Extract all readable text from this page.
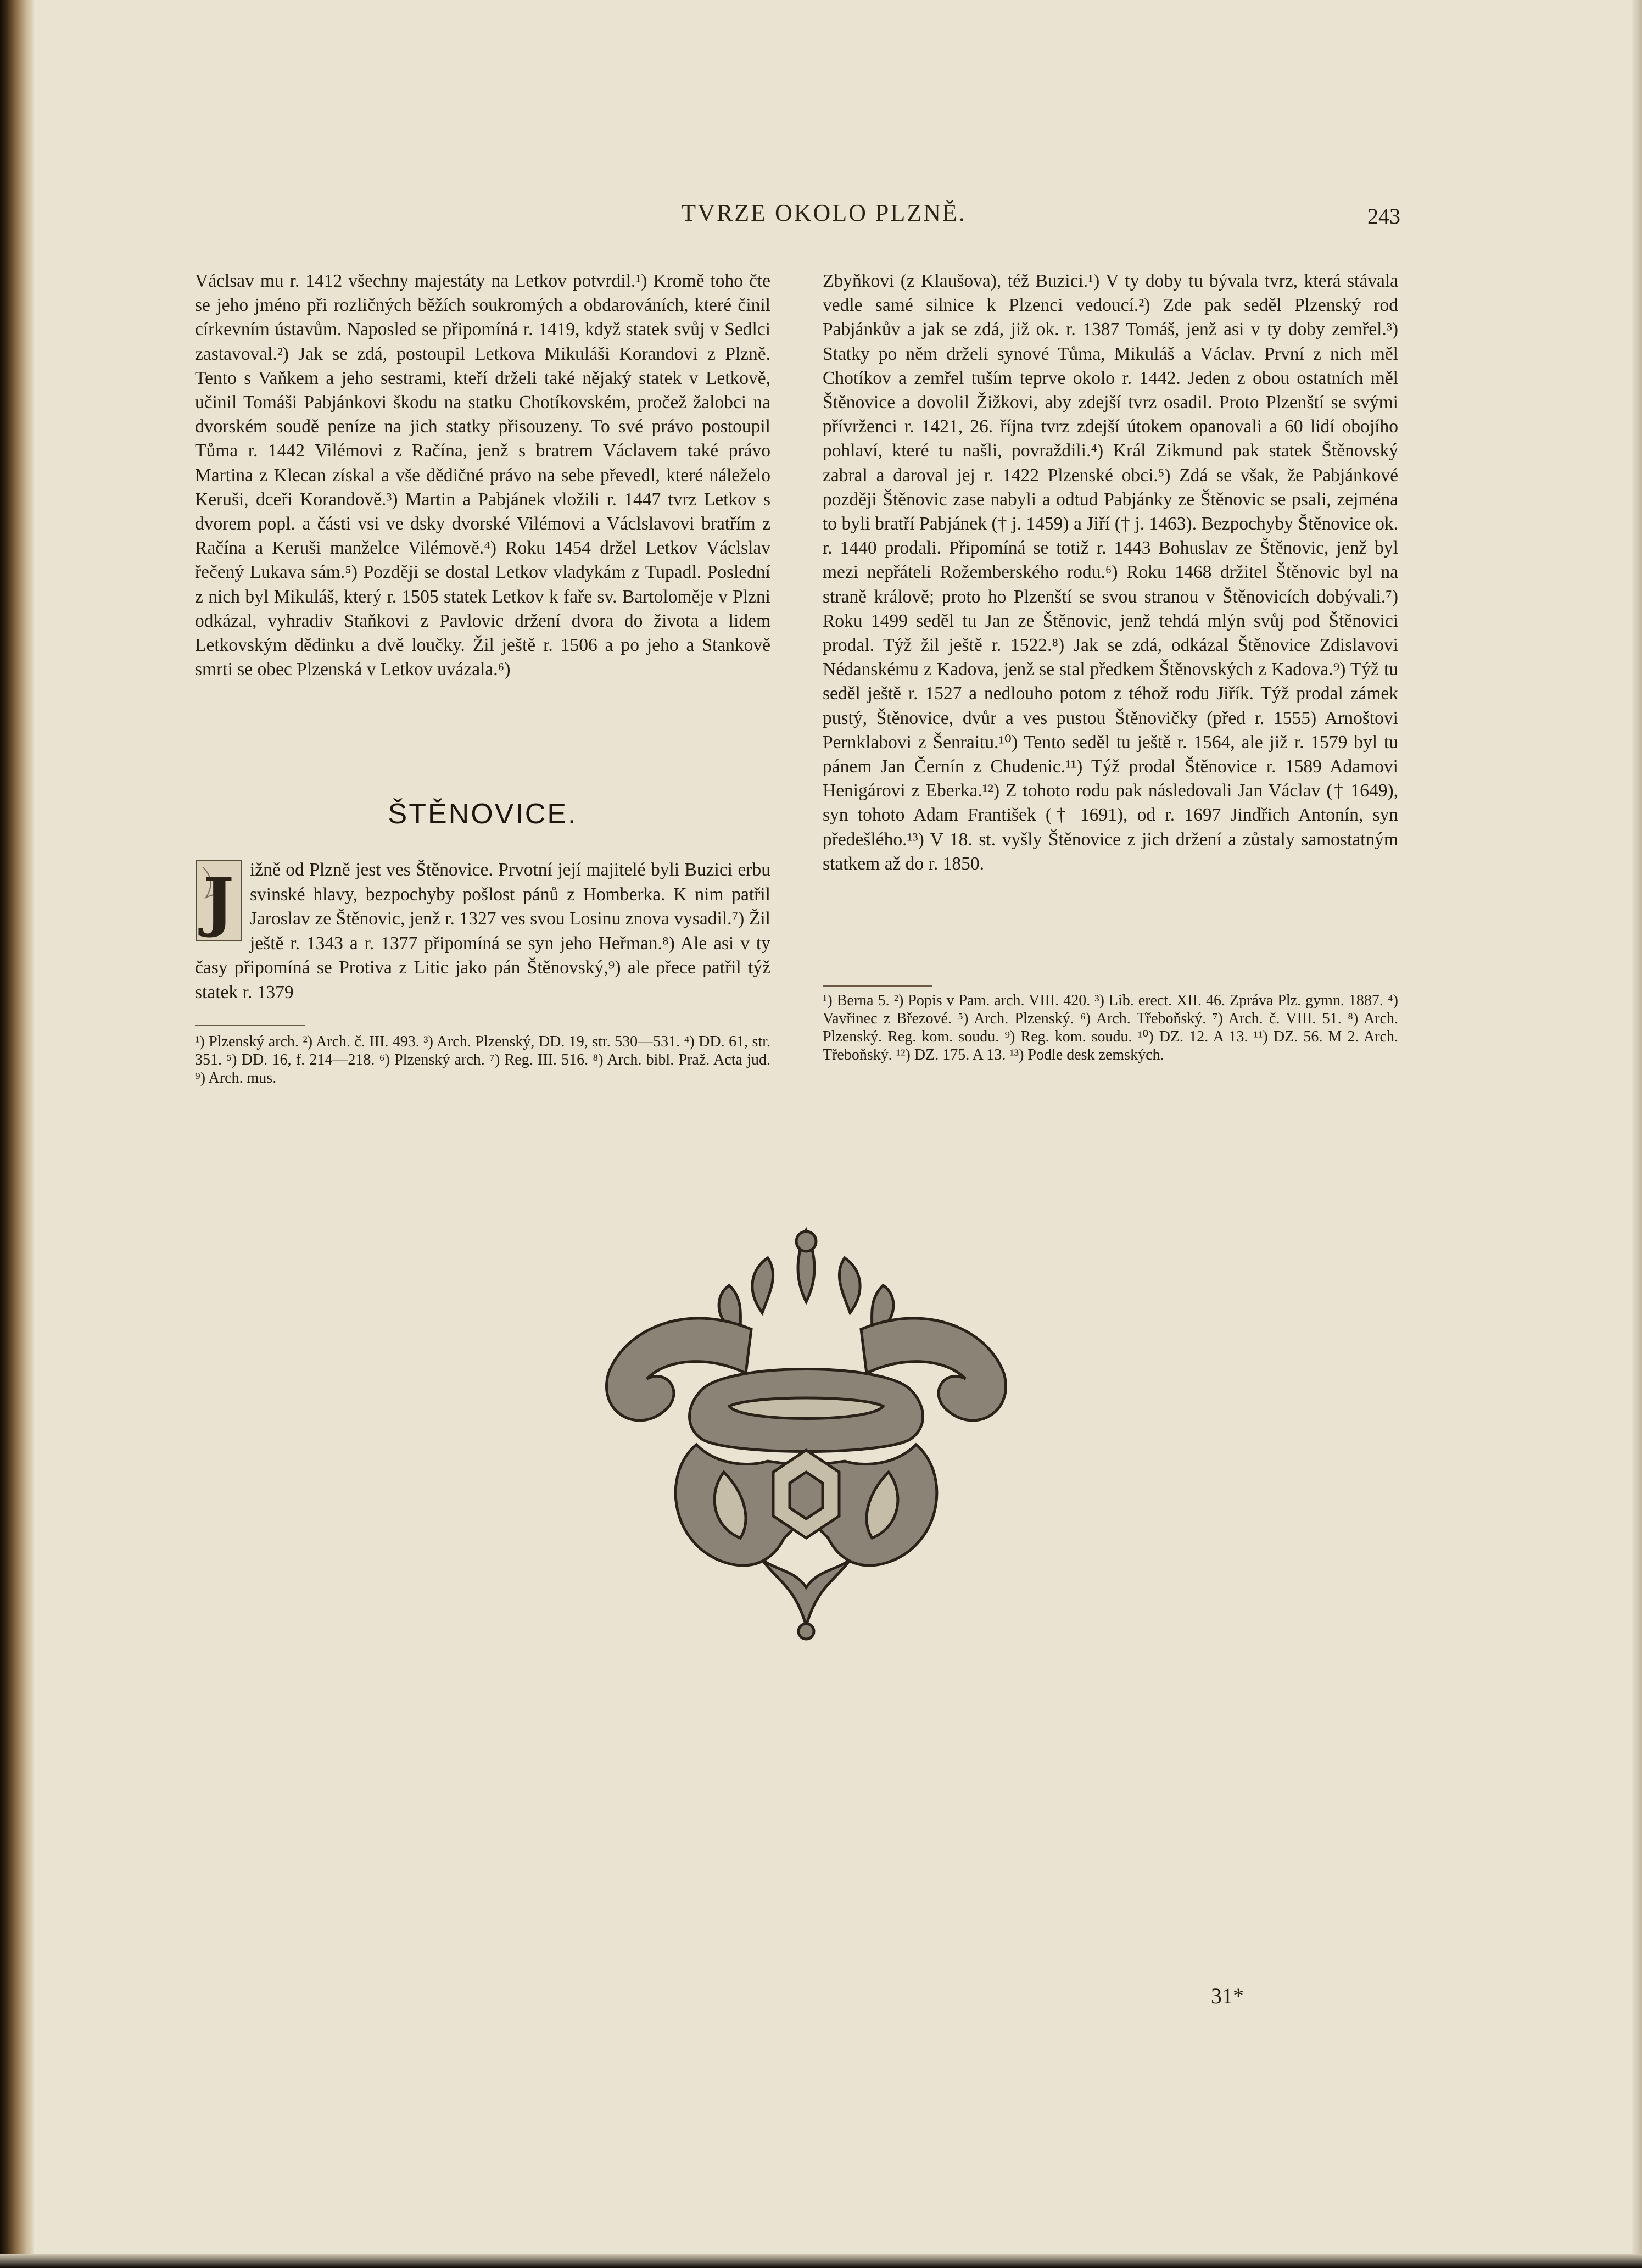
TVRZE OKOLO PLZNĚ.	243

Václsav mu r. 1412 všechny majestáty na Letkov potvrdil.¹) Kromě toho čte se jeho jméno při rozličných běžích soukromých a obdarováních, které činil církevním ústavům. Naposled se připomíná r. 1419, když statek svůj v Sedlci zastavoval.²) Jak se zdá, postoupil Letkova Mikuláši Korandovi z Plzně. Tento s Vaňkem a jeho sestrami, kteří drželi také nějaký statek v Letkově, učinil Tomáši Pabjánkovi škodu na statku Chotíkovském, pročež žalobci na dvorském soudě peníze na jich statky přisouzeny. To své právo postoupil Tůma r. 1442 Vilémovi z Račína, jenž s bratrem Václavem také právo Martina z Klecan získal a vše dědičné právo na sebe převedl, které náleželo Keruši, dceři Korandově.³) Martin a Pabjánek vložili r. 1447 tvrz Letkov s dvorem popl. a části vsi ve dsky dvorské Vilémovi a Václslavovi bratřím z Račína a Keruši manželce Vilémově.⁴) Roku 1454 držel Letkov Václslav řečený Lukava sám.⁵) Později se dostal Letkov vladykám z Tupadl. Poslední z nich byl Mikuláš, který r. 1505 statek Letkov k faře sv. Bartoloměje v Plzni odkázal, vyhradiv Staňkovi z Pavlovic držení dvora do života a lidem Letkovským dědinku a dvě loučky. Žil ještě r. 1506 a po jeho a Stankově smrti se obec Plzenská v Letkov uvázala.⁶)

ŠTĚNOVICE.
J ižně od Plzně jest ves Štěnovice. Prvotní její majitelé byli Buzici erbu svinské hlavy, bezpochyby pošlost pánů z Homberka. K nim patřil Jaroslav ze Štěnovic, jenž r. 1327 ves svou Losinu znova vysadil.⁷) Žil ještě r. 1343 a r. 1377 připomíná se syn jeho Heřman.⁸) Ale asi v ty časy připomíná se Protiva z Litic jako pán Štěnovský,⁹) ale přece patřil týž statek r. 1379
¹) Plzenský arch. ²) Arch. č. III. 493. ³) Arch. Plzenský, DD. 19, str. 530—531. ⁴) DD. 61, str. 351. ⁵) DD. 16, f. 214—218. ⁶) Plzenský arch. ⁷) Reg. III. 516. ⁸) Arch. bibl. Praž. Acta jud. ⁹) Arch. mus.

Zbyňkovi (z Klaušova), též Buzici.¹) V ty doby tu bývala tvrz, která stávala vedle samé silnice k Plzenci vedoucí.²) Zde pak seděl Plzenský rod Pabjánkův a jak se zdá, již ok. r. 1387 Tomáš, jenž asi v ty doby zemřel.³) Statky po něm drželi synové Tůma, Mikuláš a Václav. První z nich měl Chotíkov a zemřel tuším teprve okolo r. 1442. Jeden z obou ostatních měl Štěnovice a dovolil Žižkovi, aby zdejší tvrz osadil. Proto Plzenští se svými přívrženci r. 1421, 26. října tvrz zdejší útokem opanovali a 60 lidí obojího pohlaví, které tu našli, povraždili.⁴) Král Zikmund pak statek Štěnovský zabral a daroval jej r. 1422 Plzenské obci.⁵) Zdá se však, že Pabjánkové později Štěnovic zase nabyli a odtud Pabjánky ze Štěnovic se psali, zejména to byli bratří Pabjánek († j. 1459) a Jiří († j. 1463). Bezpochyby Štěnovice ok. r. 1440 prodali. Připomíná se totiž r. 1443 Bohuslav ze Štěnovic, jenž byl mezi nepřáteli Rožemberského rodu.⁶) Roku 1468 držitel Štěnovic byl na straně králově; proto ho Plzenští se svou stranou v Štěnovicích dobývali.⁷) Roku 1499 seděl tu Jan ze Štěnovic, jenž tehdá mlýn svůj pod Štěnovici prodal. Týž žil ještě r. 1522.⁸) Jak se zdá, odkázal Štěnovice Zdislavovi Nédanskému z Kadova, jenž se stal předkem Štěnovských z Kadova.⁹) Týž tu seděl ještě r. 1527 a nedlouho potom z téhož rodu Jiřík. Týž prodal zámek pustý, Štěnovice, dvůr a ves pustou Štěnovičky (před r. 1555) Arnoštovi Pernklabovi z Šenraitu.¹⁰) Tento seděl tu ještě r. 1564, ale již r. 1579 byl tu pánem Jan Černín z Chudenic.¹¹) Týž prodal Štěnovice r. 1589 Adamovi Henigárovi z Eberka.¹²) Z tohoto rodu pak následovali Jan Václav († 1649), syn tohoto Adam František († 1691), od r. 1697 Jindřich Antonín, syn předešlého.¹³) V 18. st. vyšly Štěnovice z jich držení a zůstaly samostatným statkem až do r. 1850.

¹) Berna 5. ²) Popis v Pam. arch. VIII. 420. ³) Lib. erect. XII. 46. Zpráva Plz. gymn. 1887. ⁴) Vavřinec z Březové. ⁵) Arch. Plzenský. ⁶) Arch. Třeboňský. ⁷) Arch. č. VIII. 51. ⁸) Arch. Plzenský. Reg. kom. soudu. ⁹) Reg. kom. soudu. ¹⁰) DZ. 12. A 13. ¹¹) DZ. 56. M 2. Arch. Třeboňský. ¹²) DZ. 175. A 13. ¹³) Podle desk zemských.
31*
